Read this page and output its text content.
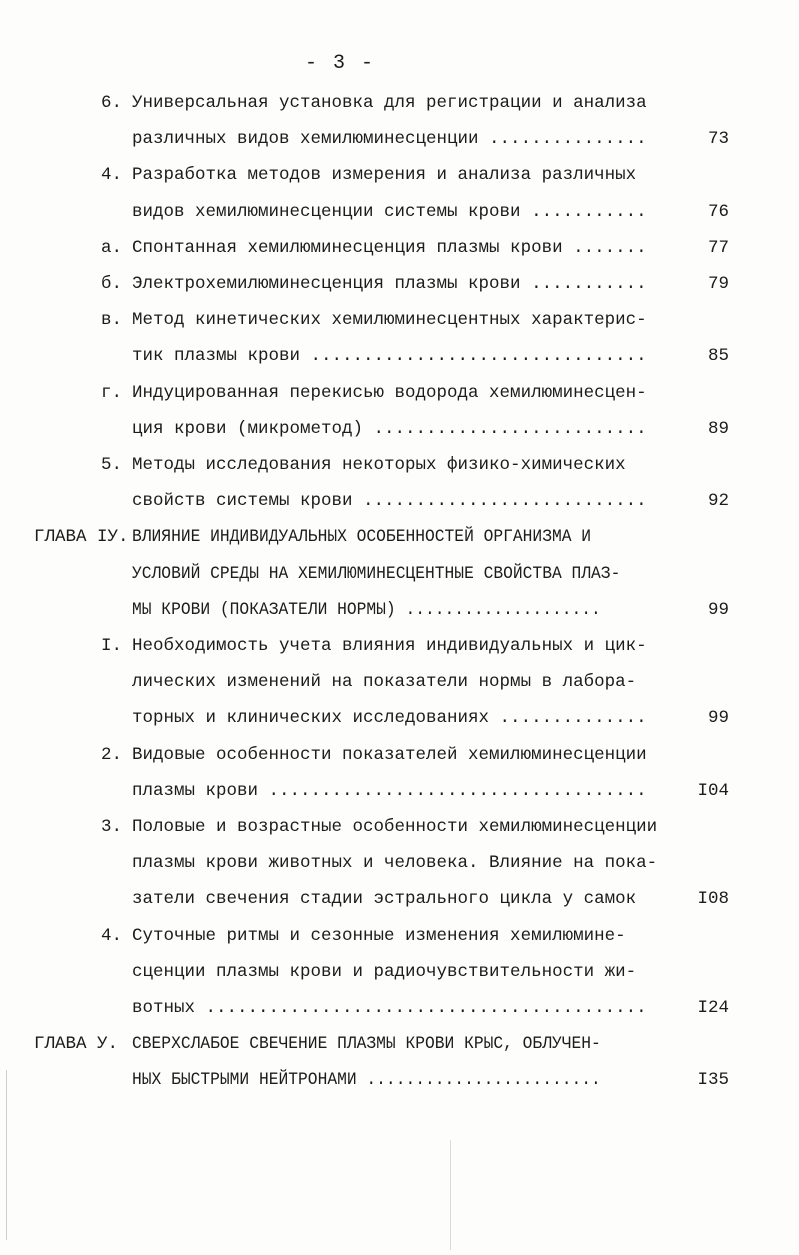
- 3 -
6. Универсальная установка для регистрации и анализа
различных видов хемилюминесценции ...............	73
4. Разработка методов измерения и анализа различных
видов хемилюминесценции системы крови ...........	76
а. Спонтанная хемилюминесценция плазмы крови .......	77
б. Электрохемилюминесценция плазмы крови ...........	79
в. Метод кинетических хемилюминесцентных характерис-
тик плазмы крови ................................	85
г. Индуцированная перекисью водорода хемилюминесцен-
ция крови (микрометод) ..........................	89
5. Методы исследования некоторых физико-химических
свойств системы крови ...........................	92
ГЛАВА IУ. ВЛИЯНИЕ ИНДИВИДУАЛЬНЫХ ОСОБЕННОСТЕЙ ОРГАНИЗМА И
УСЛОВИЙ СРЕДЫ НА ХЕМИЛЮМИНЕСЦЕНТНЫЕ СВОЙСТВА ПЛАЗ-
МЫ КРОВИ (ПОКАЗАТЕЛИ НОРМЫ) ....................	99
I. Необходимость учета влияния индивидуальных и цик-
лических изменений на показатели нормы в лабора-
торных и клинических исследованиях ..............	99
2. Видовые особенности показателей хемилюминесценции
плазмы крови ....................................	I04
3. Половые и возрастные особенности хемилюминесценции
плазмы крови животных и человека. Влияние на пока-
затели свечения стадии эстрального цикла у самок	I08
4. Суточные ритмы и сезонные изменения хемилюмине-
сценции плазмы крови и радиочувствительности жи-
вотных ..........................................	I24
ГЛАВА У. СВЕРХСЛАБОЕ СВЕЧЕНИЕ ПЛАЗМЫ КРОВИ КРЫС, ОБЛУЧЕН-
НЫХ БЫСТРЫМИ НЕЙТРОНАМИ ........................	I35
